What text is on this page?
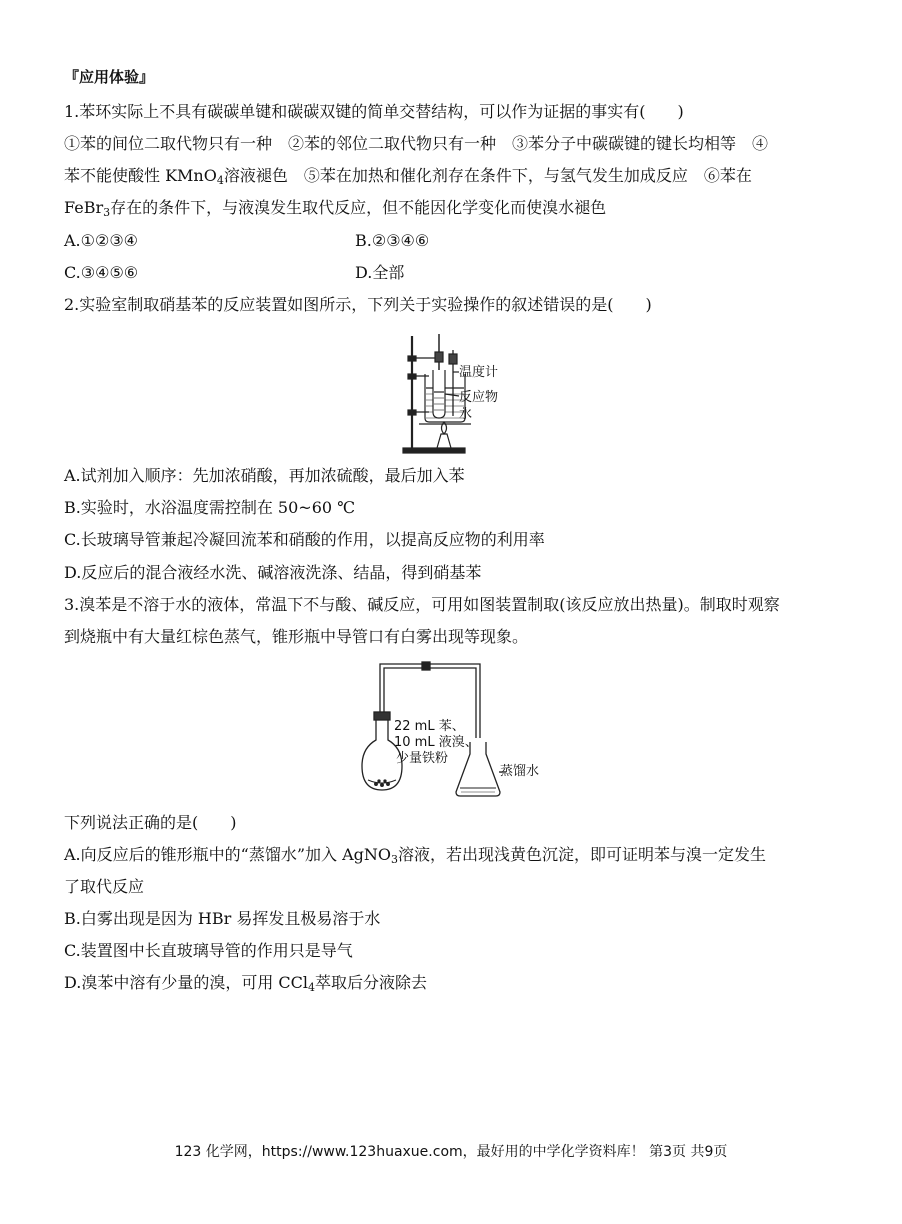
『应用体验』
1.苯环实际上不具有碳碳单键和碳碳双键的简单交替结构，可以作为证据的事实有(　　)
①苯的间位二取代物只有一种　②苯的邻位二取代物只有一种　③苯分子中碳碳键的键长均相等　④
苯不能使酸性 KMnO$_4$溶液褪色　⑤苯在加热和催化剂存在条件下，与氢气发生加成反应　⑥苯在
FeBr$_3$存在的条件下，与液溴发生取代反应，但不能因化学变化而使溴水褪色
A.①②③④	B.②③④⑥
C.③④⑤⑥	D.全部
2.实验室制取硝基苯的反应装置如图所示，下列关于实验操作的叙述错误的是(　　)
温度计
反应物
水
A.试剂加入顺序：先加浓硝酸，再加浓硫酸，最后加入苯
B.实验时，水浴温度需控制在 50~60 ℃
C.长玻璃导管兼起冷凝回流苯和硝酸的作用，以提高反应物的利用率
D.反应后的混合液经水洗、碱溶液洗涤、结晶，得到硝基苯
3.溴苯是不溶于水的液体，常温下不与酸、碱反应，可用如图装置制取(该反应放出热量)。制取时观察
到烧瓶中有大量红棕色蒸气，锥形瓶中导管口有白雾出现等现象。
22 mL 苯、
10 mL 液溴、
少量铁粉
蒸馏水
下列说法正确的是(　　)
A.向反应后的锥形瓶中的“蒸馏水”加入 AgNO$_3$溶液，若出现浅黄色沉淀，即可证明苯与溴一定发生
了取代反应
B.白雾出现是因为 HBr 易挥发且极易溶于水
C.装置图中长直玻璃导管的作用只是导气
D.溴苯中溶有少量的溴，可用 CCl$_4$萃取后分液除去
123 化学网，https://www.123huaxue.com，最好用的中学化学资料库！ 第3页 共9页
